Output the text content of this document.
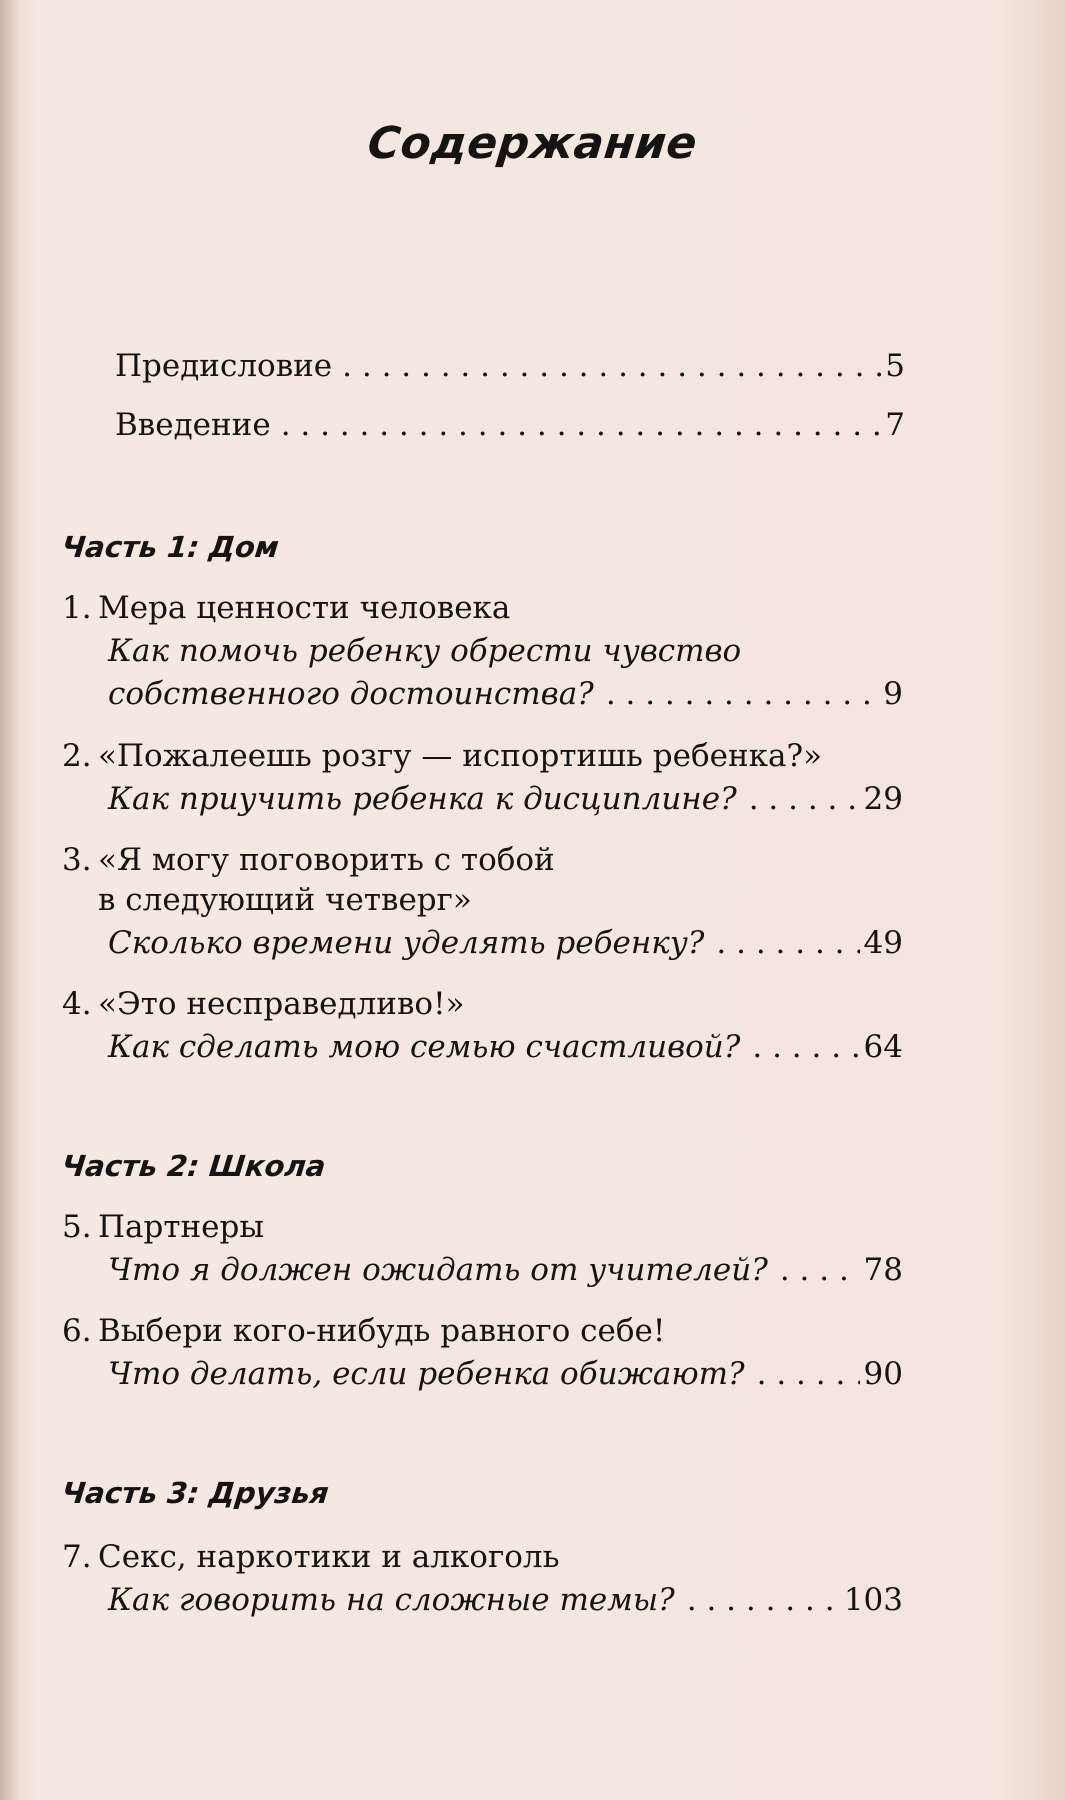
Содержание
Предисловие . . .	5
Введение . . .	7
Часть 1: Дом
1. Мера ценности человека
Как помочь ребенку обрести чувство
собственного достоинства? . . .	9
2. «Пожалеешь розгу — испортишь ребенка?»
Как приучить ребенка к дисциплине? . . .	29
3. «Я могу поговорить с тобой
в следующий четверг»
Сколько времени уделять ребенку? . . .	49
4. «Это несправедливо!»
Как сделать мою семью счастливой? . . .	64
Часть 2: Школа
5. Партнеры
Что я должен ожидать от учителей? . . .	78
6. Выбери кого-нибудь равного себе!
Что делать, если ребенка обижают? . . .	90
Часть 3: Друзья
7. Секс, наркотики и алкоголь
Как говорить на сложные темы? . . .	103
